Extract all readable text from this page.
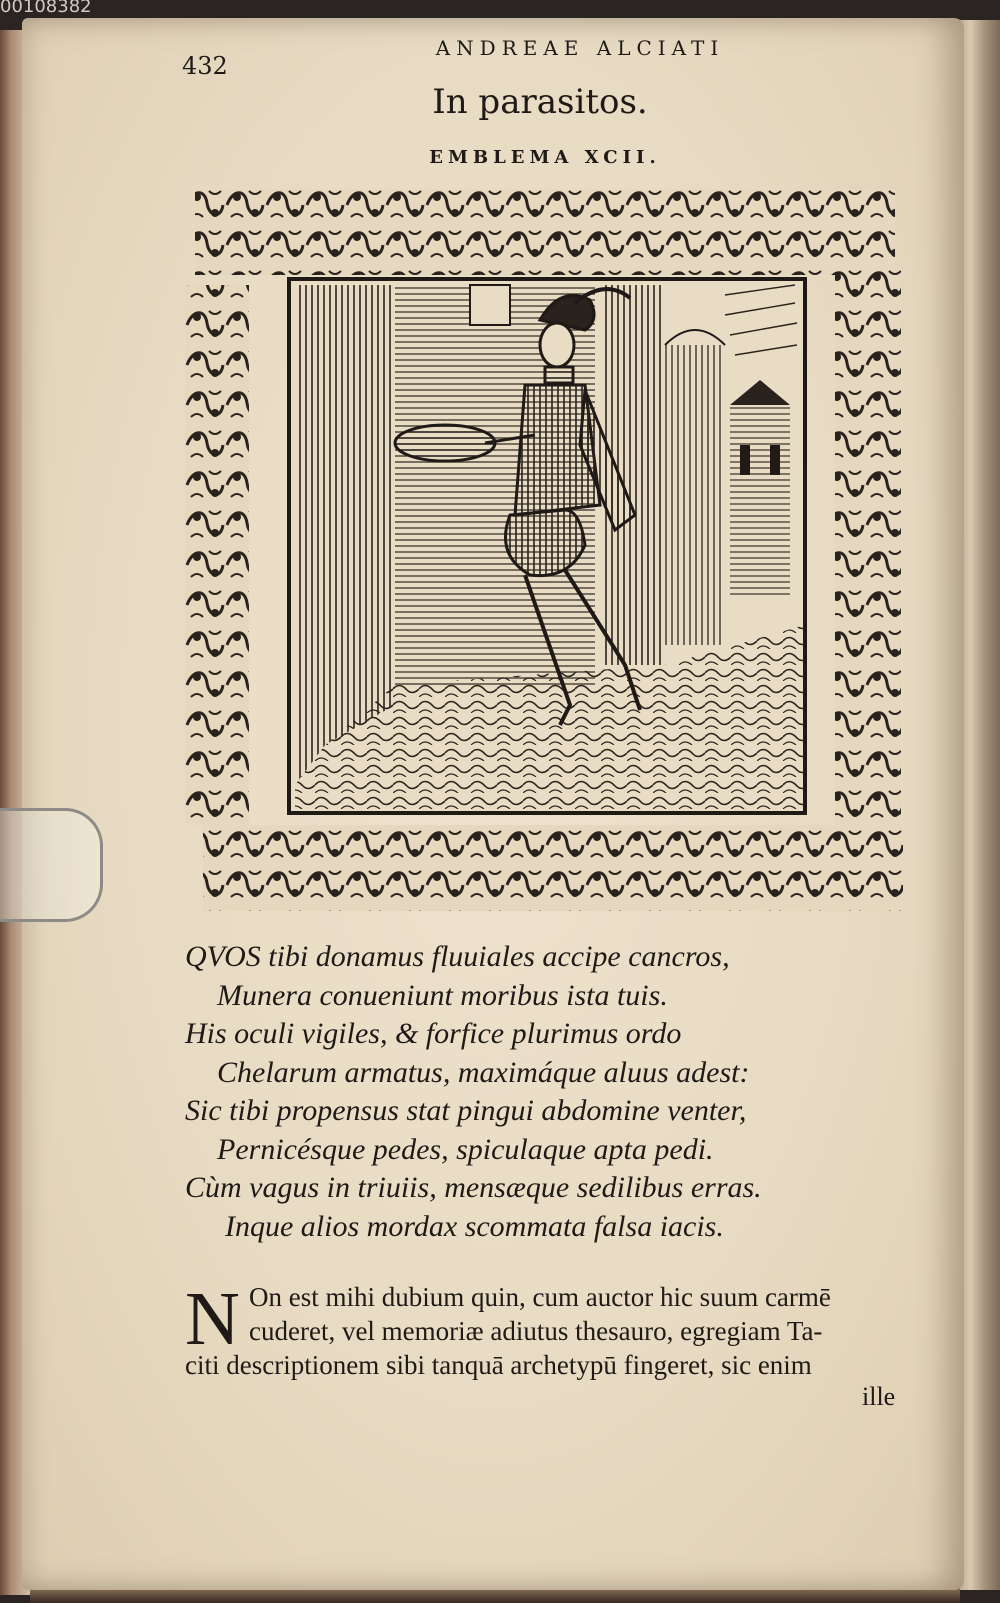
00108382
432
ANDREAE ALCIATI
In parasitos.
EMBLEMA XCII.
QVOS tibi donamus fluuiales accipe cancros,
Munera conueniunt moribus ista tuis.
His oculi vigiles, & forfice plurimus ordo
Chelarum armatus, maximáque aluus adest:
Sic tibi propensus stat pingui abdomine venter,
Pernicésque pedes, spiculaque apta pedi.
Cùm vagus in triuiis, mensæque sedilibus erras.
Inque alios mordax scommata falsa iacis.
N On est mihi dubium quin, cum auctor hic suum carmē
cuderet, vel memoriæ adiutus thesauro, egregiam Ta-
citi descriptionem sibi tanquā archetypū fingeret, sic enim
ille
